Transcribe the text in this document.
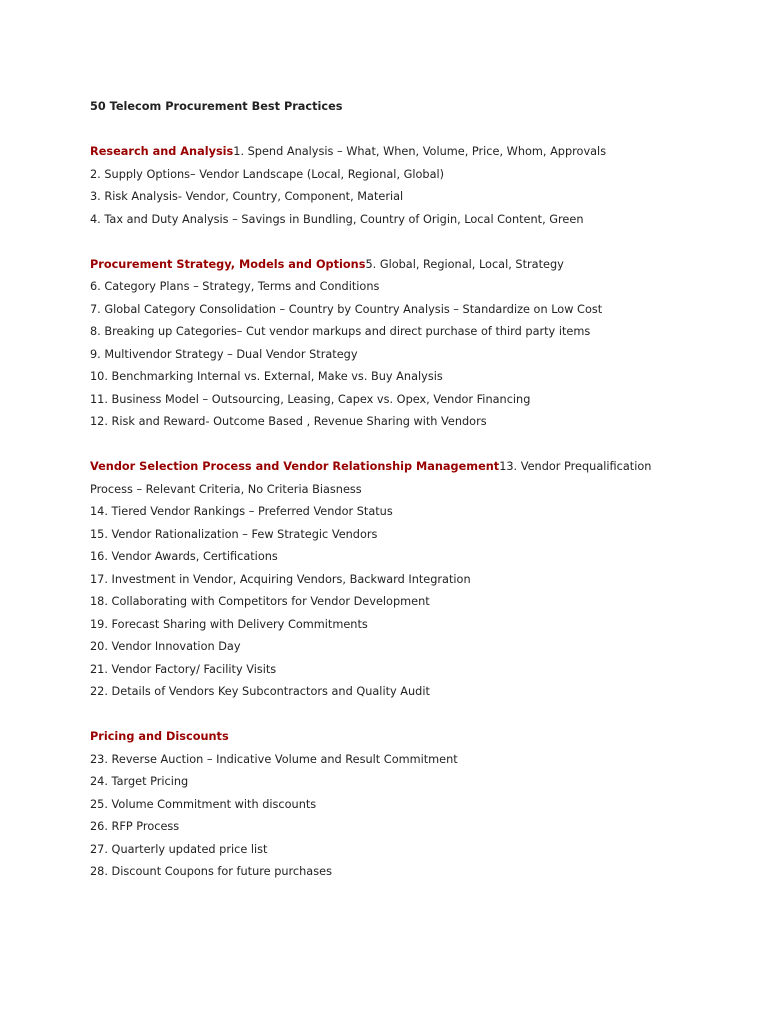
50 Telecom Procurement Best Practices
Research and Analysis1. Spend Analysis – What, When, Volume, Price, Whom, Approvals
2. Supply Options– Vendor Landscape (Local, Regional, Global)
3. Risk Analysis- Vendor, Country, Component, Material
4. Tax and Duty Analysis – Savings in Bundling, Country of Origin, Local Content, Green
Procurement Strategy, Models and Options5. Global, Regional, Local, Strategy
6. Category Plans – Strategy, Terms and Conditions
7. Global Category Consolidation – Country by Country Analysis – Standardize on Low Cost
8. Breaking up Categories– Cut vendor markups and direct purchase of third party items
9. Multivendor Strategy – Dual Vendor Strategy
10. Benchmarking Internal vs. External, Make vs. Buy Analysis
11. Business Model – Outsourcing, Leasing, Capex vs. Opex, Vendor Financing
12. Risk and Reward- Outcome Based , Revenue Sharing with Vendors
Vendor Selection Process and Vendor Relationship Management13. Vendor Prequalification
Process – Relevant Criteria, No Criteria Biasness
14. Tiered Vendor Rankings – Preferred Vendor Status
15. Vendor Rationalization – Few Strategic Vendors
16. Vendor Awards, Certifications
17. Investment in Vendor, Acquiring Vendors, Backward Integration
18. Collaborating with Competitors for Vendor Development
19. Forecast Sharing with Delivery Commitments
20. Vendor Innovation Day
21. Vendor Factory/ Facility Visits
22. Details of Vendors Key Subcontractors and Quality Audit
Pricing and Discounts
23. Reverse Auction – Indicative Volume and Result Commitment
24. Target Pricing
25. Volume Commitment with discounts
26. RFP Process
27. Quarterly updated price list
28. Discount Coupons for future purchases
